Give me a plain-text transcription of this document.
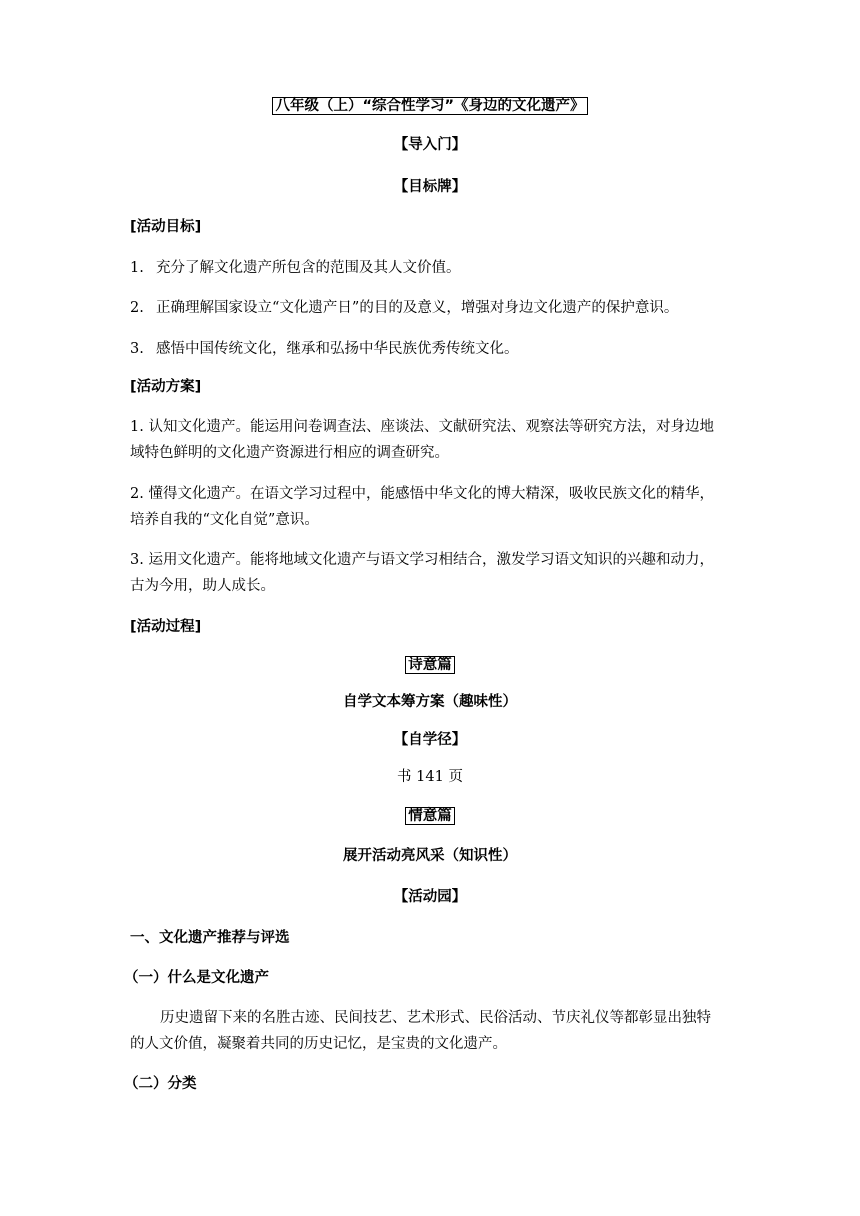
八年级（上）“综合性学习”《身边的文化遗产》
【导入门】
【目标牌】
[活动目标]
1. 充分了解文化遗产所包含的范围及其人文价值。
2. 正确理解国家设立“文化遗产日”的目的及意义，增强对身边文化遗产的保护意识。
3. 感悟中国传统文化，继承和弘扬中华民族优秀传统文化。
[活动方案]
1. 认知文化遗产。能运用问卷调查法、座谈法、文献研究法、观察法等研究方法，对身边地
域特色鲜明的文化遗产资源进行相应的调查研究。
2. 懂得文化遗产。在语文学习过程中，能感悟中华文化的博大精深，吸收民族文化的精华，
培养自我的“文化自觉”意识。
3. 运用文化遗产。能将地域文化遗产与语文学习相结合，激发学习语文知识的兴趣和动力，
古为今用，助人成长。
[活动过程]
诗意篇
自学文本筹方案（趣味性）
【自学径】
书 141 页
情意篇
展开活动亮风采（知识性）
【活动园】
一、文化遗产推荐与评选
（一）什么是文化遗产
历史遗留下来的名胜古迹、民间技艺、艺术形式、民俗活动、节庆礼仪等都彰显出独特
的人文价值，凝聚着共同的历史记忆，是宝贵的文化遗产。
（二）分类
